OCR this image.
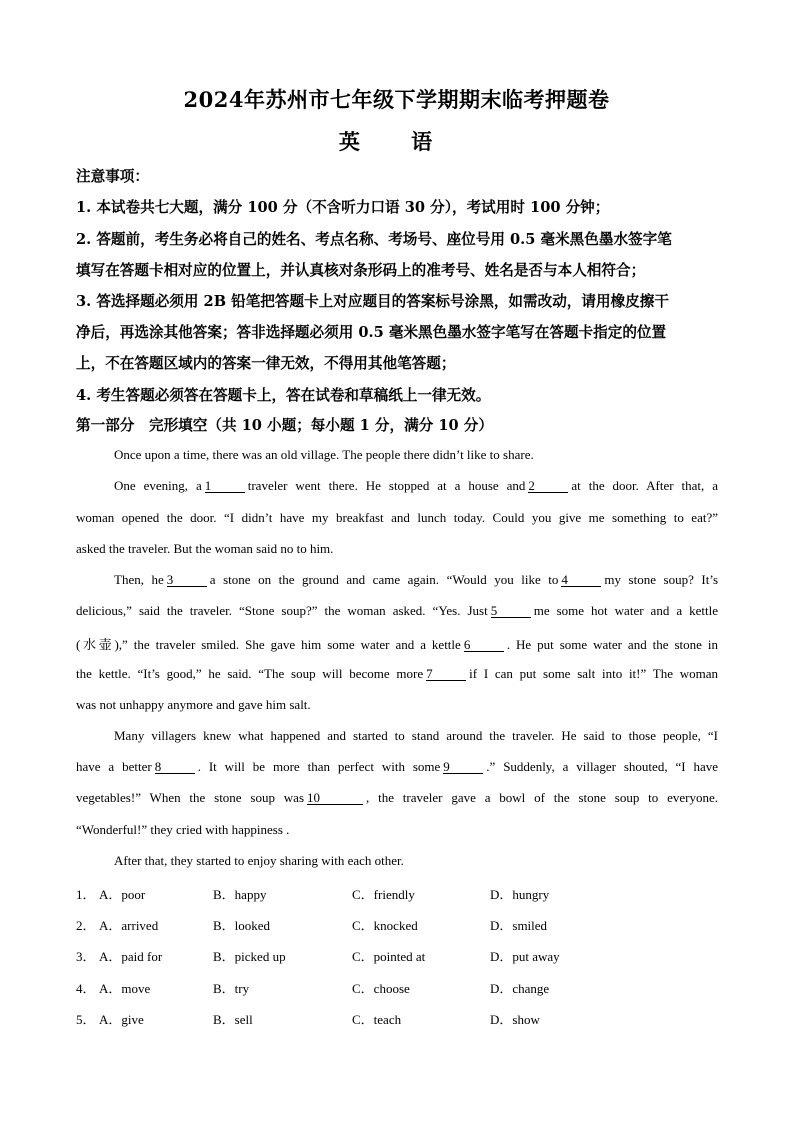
2024年苏州市七年级下学期期末临考押题卷
英 语
注意事项：
1. 本试卷共七大题，满分 100 分（不含听力口语 30 分），考试用时 100 分钟；
2. 答题前，考生务必将自己的姓名、考点名称、考场号、座位号用 0.5 毫米黑色墨水签字笔
填写在答题卡相对应的位置上，并认真核对条形码上的准考号、姓名是否与本人相符合；
3. 答选择题必须用 2B 铅笔把答题卡上对应题目的答案标号涂黑，如需改动，请用橡皮擦干
净后，再选涂其他答案；答非选择题必须用 0.5 毫米黑色墨水签字笔写在答题卡指定的位置
上，不在答题区域内的答案一律无效，不得用其他笔答题；
4. 考生答题必须答在答题卡上，答在试卷和草稿纸上一律无效。
第一部分　完形填空（共 10 小题；每小题 1 分，满分 10 分）
Once upon a time, there was an old village. The people there didn’t like to share.
One evening, a 1	traveler went there. He stopped at a house and 2	at the door. After that, a
woman opened the door. “I didn’t have my breakfast and lunch today. Could you give me something to eat?”
asked the traveler. But the woman said no to him.
Then, he 3	a stone on the ground and came again. “Would you like to 4	my stone soup? It’s
delicious,” said the traveler. “Stone soup?” the woman asked. “Yes. Just 5	me some hot water and a kettle
(水壶),” the traveler smiled. She gave him some water and a kettle 6	. He put some water and the stone in
the kettle. “It’s good,” he said. “The soup will become more 7	if I can put some salt into it!” The woman
was not unhappy anymore and gave him salt.
Many villagers knew what happened and started to stand around the traveler. He said to those people, “I
have a better 8	. It will be more than perfect with some 9	.” Suddenly, a villager shouted, “I have
vegetables!” When the stone soup was 10	, the traveler gave a bowl of the stone soup to everyone.
“Wonderful!” they cried with happiness .
After that, they started to enjoy sharing with each other.
1． A．poor	B．happy	C．friendly	D．hungry
2． A．arrived	B．looked	C．knocked	D．smiled
3． A．paid for	B．picked up	C．pointed at	D．put away
4． A．move	B．try	C．choose	D．change
5． A．give	B．sell	C．teach	D．show
